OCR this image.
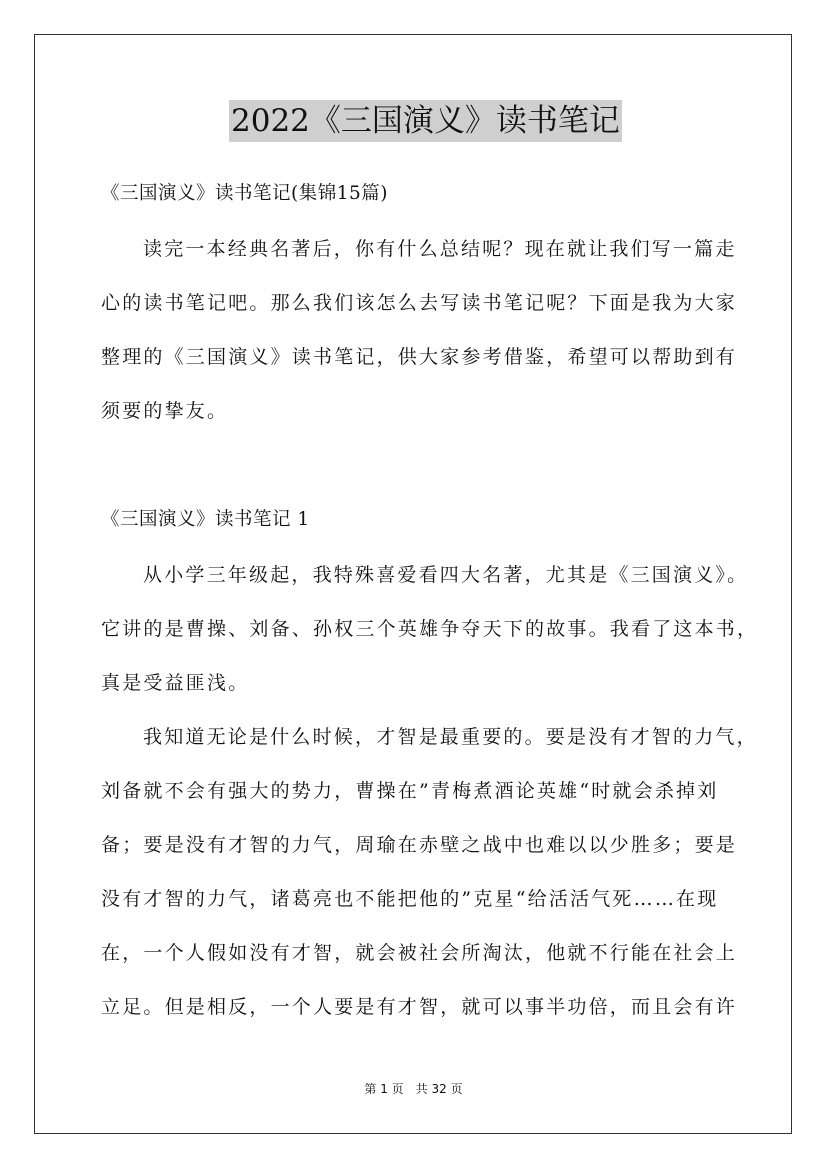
2022《三国演义》读书笔记
《三国演义》读书笔记(集锦15篇)
读完一本经典名著后，你有什么总结呢？现在就让我们写一篇走
心的读书笔记吧。那么我们该怎么去写读书笔记呢？下面是我为大家
整理的《三国演义》读书笔记，供大家参考借鉴，希望可以帮助到有
须要的挚友。
《三国演义》读书笔记 1
从小学三年级起，我特殊喜爱看四大名著，尤其是《三国演义》。
它讲的是曹操、刘备、孙权三个英雄争夺天下的故事。我看了这本书，
真是受益匪浅。
我知道无论是什么时候，才智是最重要的。要是没有才智的力气，
刘备就不会有强大的势力，曹操在”青梅煮酒论英雄“时就会杀掉刘
备；要是没有才智的力气，周瑜在赤壁之战中也难以以少胜多；要是
没有才智的力气，诸葛亮也不能把他的”克星“给活活气死……在现
在，一个人假如没有才智，就会被社会所淘汰，他就不行能在社会上
立足。但是相反，一个人要是有才智，就可以事半功倍，而且会有许
第 1 页　共 32 页
